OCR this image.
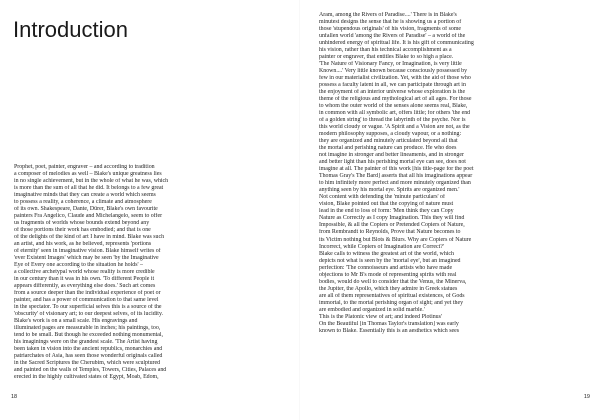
Introduction
Prophet, poet, painter, engraver – and according to tradition
a composer of melodies as well – Blake's unique greatness lies
in no single achievement, but in the whole of what he was, which
is more than the sum of all that he did. It belongs to a few great
imaginative minds that they can create a world which seems
to possess a reality, a coherence, a climate and atmosphere
of its own. Shakespeare, Dante, Dürer, Blake's own favourite
painters Fra Angelico, Claude and Michelangelo, seem to offer
us fragments of worlds whose bounds extend beyond any
of those portions their work has embodied; and that is one
of the delights of the kind of art I have in mind. Blake was such
an artist, and his work, as he believed, represents 'portions
of eternity' seen in imaginative vision. Blake himself writes of
'ever Existent Images' which may be seen 'by the Imaginative
Eye of Every one according to the situation he holds' –
a collective archetypal world whose reality is more credible
in our century than it was in his own. 'To different People it
appears differently, as everything else does.' Such art comes
from a source deeper than the individual experience of poet or
painter, and has a power of communication to that same level
in the spectator. To our superficial selves this is a source of the
'obscurity' of visionary art; to our deepest selves, of its lucidity.
Blake's work is on a small scale. His engravings and
illuminated pages are measurable in inches; his paintings, too,
tend to be small. But though he exceeded nothing monumental,
his imaginings were on the grandest scale. 'The Artist having
been taken in vision into the ancient republics, monarchies and
patriarchates of Asia, has seen those wonderful originals called
in the Sacred Scriptures the Cherubim, which were sculptured
and painted on the walls of Temples, Towers, Cities, Palaces and
erected in the highly cultivated states of Egypt, Moab, Edom,
18
Aram, among the Rivers of Paradise....' There is in Blake's
minutest designs the sense that he is showing us a portion of
those 'stupendous originals' of his vision, fragments of some
unfallen world 'among the Rivers of Paradise' – a world of the
unhindered energy of spiritual life. It is his gift of communicating
his vision, rather than his technical accomplishment as a
painter or engraver, that entitles Blake to so high a place.
'The Nature of Visionary Fancy, or Imagination, is very little
Known....' Very little known because consciously possessed by
few in our materialist civilization. Yet, with the aid of those who
possess a faculty latent in all, we can participate through art in
the enjoyment of an interior universe whose exploration is the
theme of the religious and mythological art of all ages. For those
to whom the outer world of the senses alone seems real, Blake,
in common with all symbolic art, offers little; for others 'the end
of a golden string' to thread the labyrinth of the psyche. Nor is
this world cloudy or vague. 'A Spirit and a Vision are not, as the
modern philosophy supposes, a cloudy vapour, or a nothing:
they are organized and minutely articulated beyond all that
the mortal and perishing nature can produce. He who does
not imagine in stronger and better lineaments, and in stronger
and better light than his perishing mortal eye can see, does not
imagine at all. The painter of this work [his title-page for the poet
Thomas Gray's The Bard] asserts that all his imaginations appear
to him infinitely more perfect and more minutely organized than
anything seen by his mortal eye. Spirits are organized men.'
Not content with defending the 'minute particulars' of
vision, Blake pointed out that the copying of nature must
lead in the end to loss of form: 'Men think they can Copy
Nature as Correctly as I copy Imagination. This they will find
Impossible, & all the Copiers or Pretended Copiers of Nature,
from Rembrandt to Reynolds, Prove that Nature becomes to
its Victim nothing but Blots & Blurs. Why are Copiers of Nature
Incorrect, while Copiers of Imagination are Correct?'
Blake calls to witness the greatest art of the world, which
depicts not what is seen by the 'mortal eye', but an imagined
perfection: 'The connoisseurs and artists who have made
objections to Mr B's mode of representing spirits with real
bodies, would do well to consider that the Venus, the Minerva,
the Jupiter, the Apollo, which they admire in Greek statues
are all of them representatives of spiritual existences, of Gods
immortal, to the mortal perishing organ of sight; and yet they
are embodied and organized in solid marble.'
This is the Platonic view of art; and indeed Plotinus'
On the Beautiful [in Thomas Taylor's translation] was early
known to Blake. Essentially this is an aesthetics which sees
19
